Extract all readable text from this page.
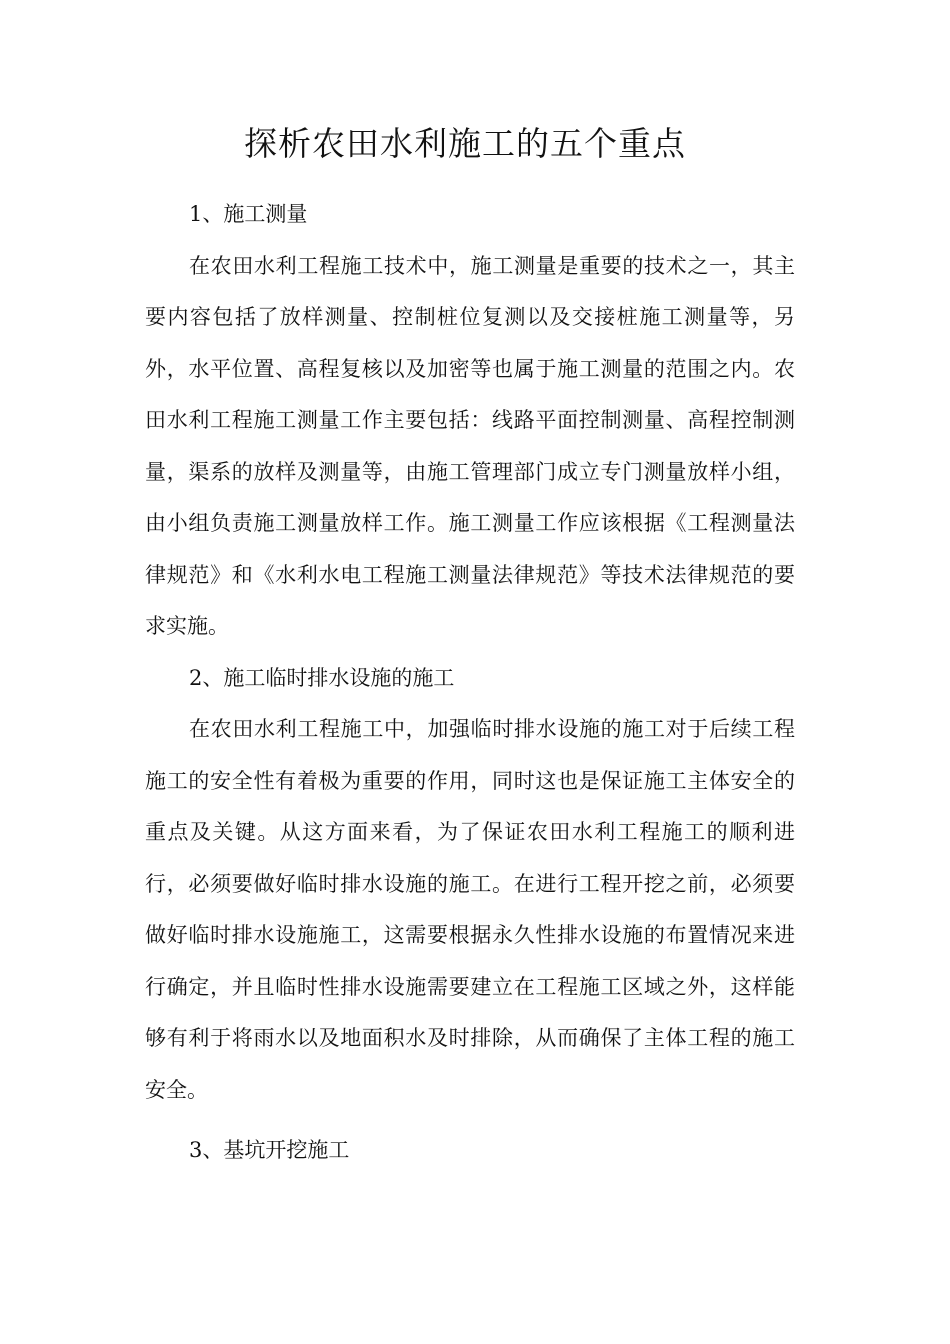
探析农田水利施工的五个重点

1、施工测量

在农田水利工程施工技术中，施工测量是重要的技术之一，其主要内容包括了放样测量、控制桩位复测以及交接桩施工测量等，另外，水平位置、高程复核以及加密等也属于施工测量的范围之内。农田水利工程施工测量工作主要包括：线路平面控制测量、高程控制测量，渠系的放样及测量等，由施工管理部门成立专门测量放样小组，由小组负责施工测量放样工作。施工测量工作应该根据《工程测量法律规范》和《水利水电工程施工测量法律规范》等技术法律规范的要求实施。

2、施工临时排水设施的施工

在农田水利工程施工中，加强临时排水设施的施工对于后续工程施工的安全性有着极为重要的作用，同时这也是保证施工主体安全的重点及关键。从这方面来看，为了保证农田水利工程施工的顺利进行，必须要做好临时排水设施的施工。在进行工程开挖之前，必须要做好临时排水设施施工，这需要根据永久性排水设施的布置情况来进行确定，并且临时性排水设施需要建立在工程施工区域之外，这样能够有利于将雨水以及地面积水及时排除，从而确保了主体工程的施工安全。

3、基坑开挖施工
